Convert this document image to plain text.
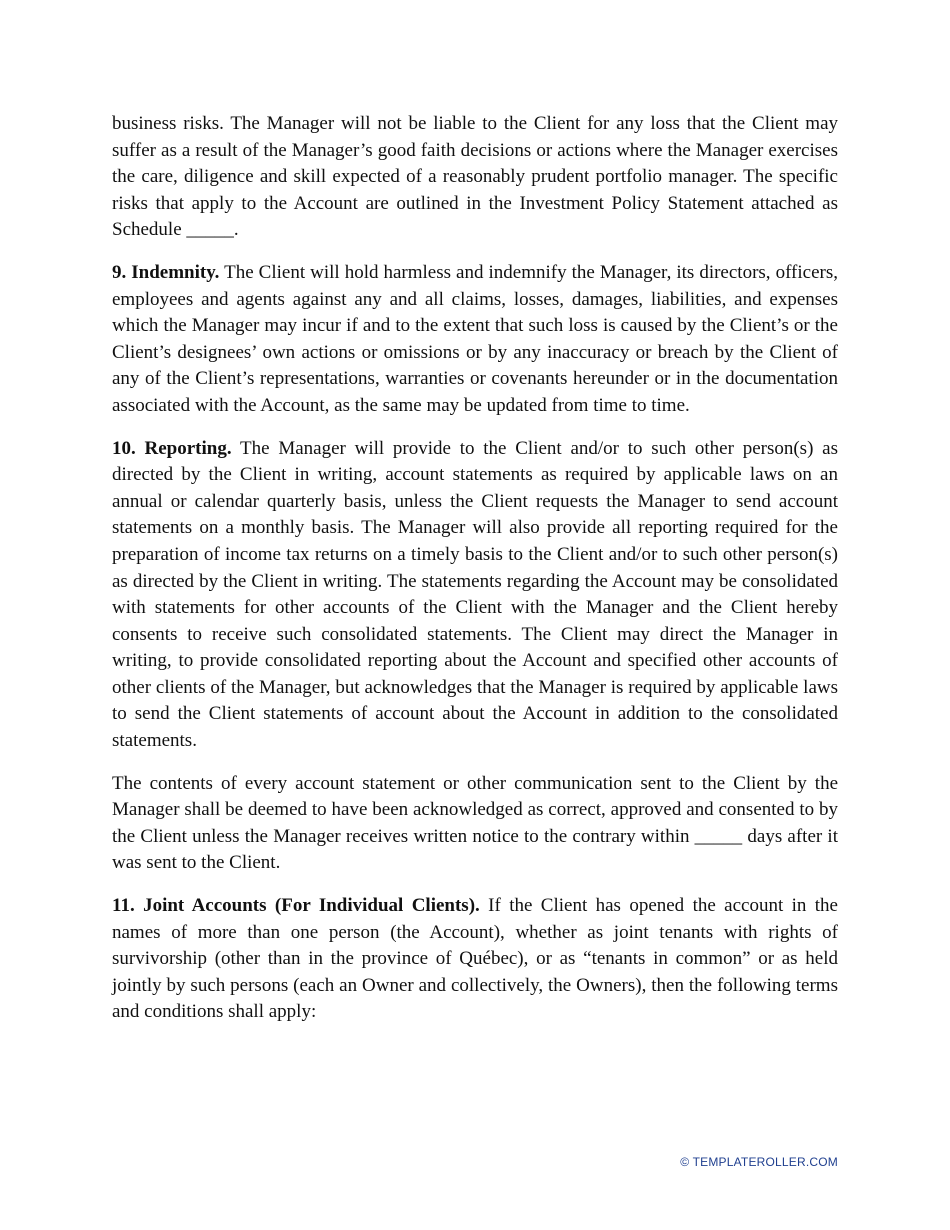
business risks. The Manager will not be liable to the Client for any loss that the Client may suffer as a result of the Manager’s good faith decisions or actions where the Manager exercises the care, diligence and skill expected of a reasonably prudent portfolio manager. The specific risks that apply to the Account are outlined in the Investment Policy Statement attached as Schedule _____.

9. Indemnity. The Client will hold harmless and indemnify the Manager, its directors, officers, employees and agents against any and all claims, losses, damages, liabilities, and expenses which the Manager may incur if and to the extent that such loss is caused by the Client’s or the Client’s designees’ own actions or omissions or by any inaccuracy or breach by the Client of any of the Client’s representations, warranties or covenants hereunder or in the documentation associated with the Account, as the same may be updated from time to time.

10. Reporting. The Manager will provide to the Client and/or to such other person(s) as directed by the Client in writing, account statements as required by applicable laws on an annual or calendar quarterly basis, unless the Client requests the Manager to send account statements on a monthly basis. The Manager will also provide all reporting required for the preparation of income tax returns on a timely basis to the Client and/or to such other person(s) as directed by the Client in writing. The statements regarding the Account may be consolidated with statements for other accounts of the Client with the Manager and the Client hereby consents to receive such consolidated statements. The Client may direct the Manager in writing, to provide consolidated reporting about the Account and specified other accounts of other clients of the Manager, but acknowledges that the Manager is required by applicable laws to send the Client statements of account about the Account in addition to the consolidated statements.

The contents of every account statement or other communication sent to the Client by the Manager shall be deemed to have been acknowledged as correct, approved and consented to by the Client unless the Manager receives written notice to the contrary within _____ days after it was sent to the Client.

11. Joint Accounts (For Individual Clients). If the Client has opened the account in the names of more than one person (the Account), whether as joint tenants with rights of survivorship (other than in the province of Québec), or as “tenants in common” or as held jointly by such persons (each an Owner and collectively, the Owners), then the following terms and conditions shall apply:

© TEMPLATEROLLER.COM
